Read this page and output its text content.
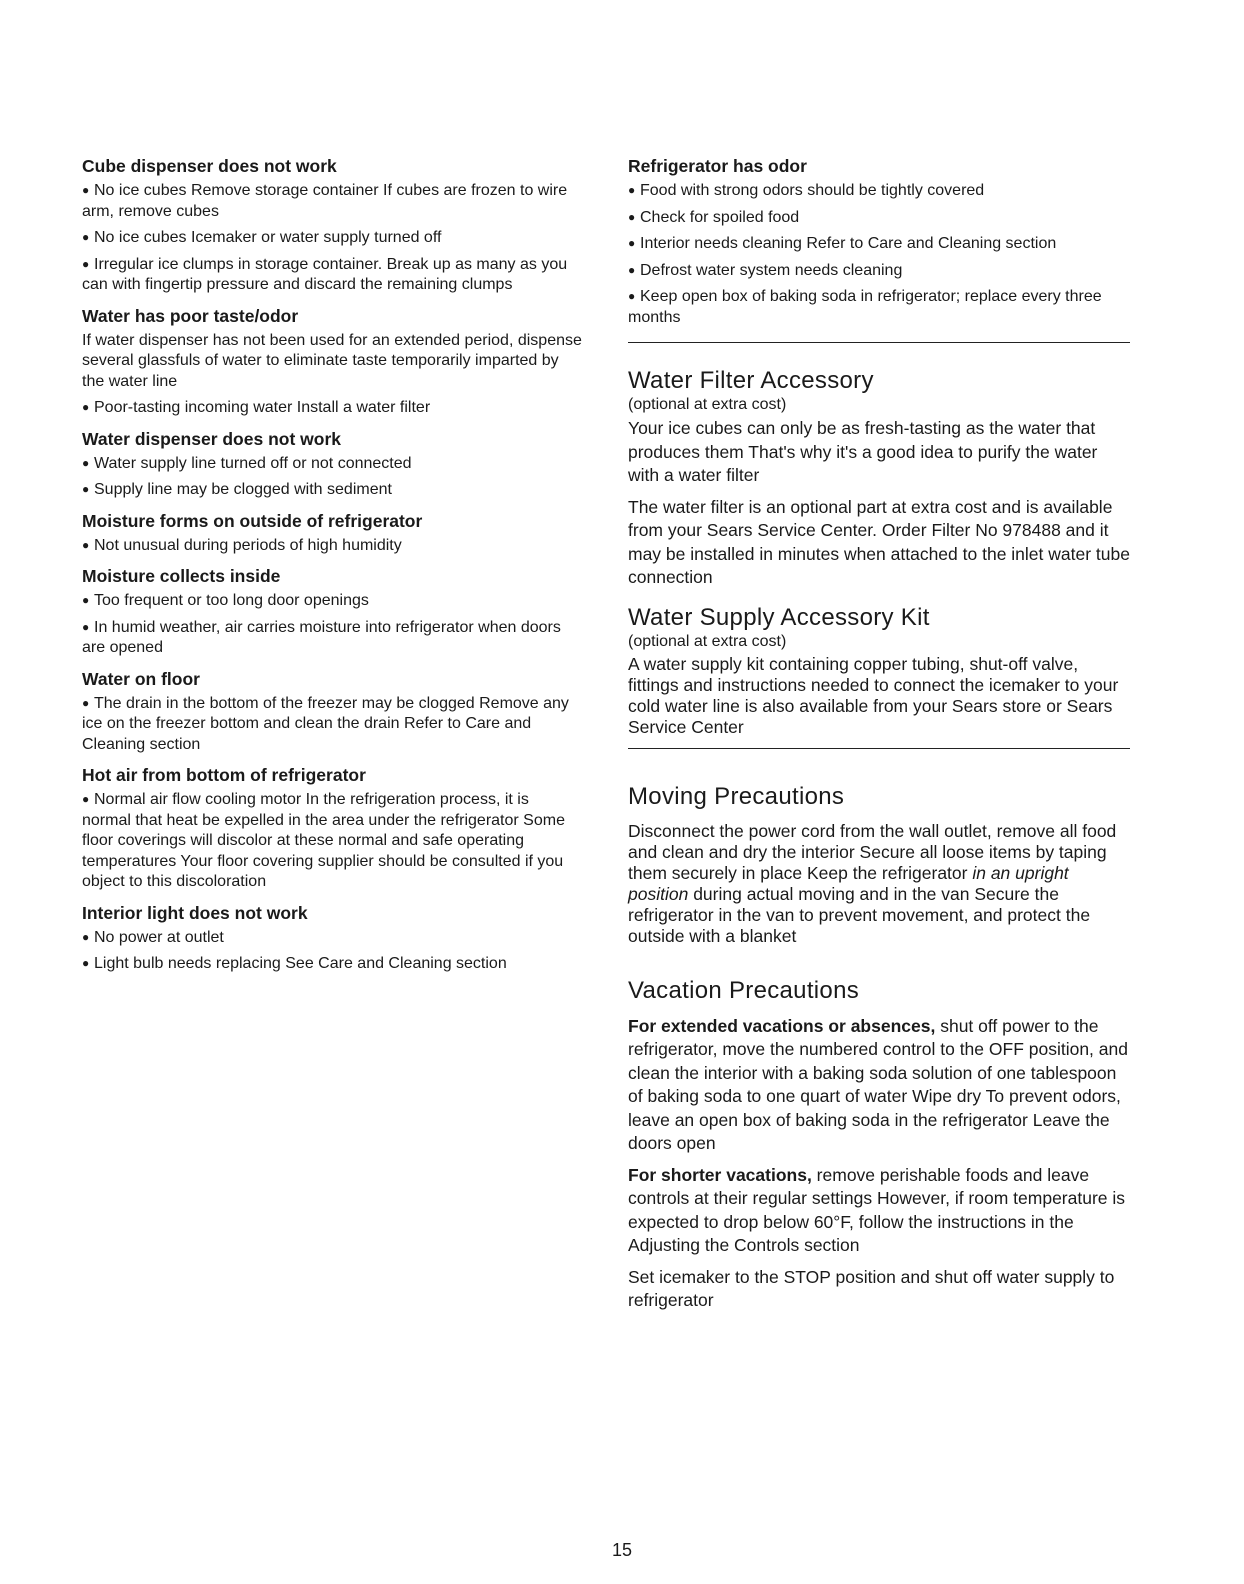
Cube dispenser does not work
● No ice cubes Remove storage container If cubes are frozen to wire arm, remove cubes
● No ice cubes Icemaker or water supply turned off
● Irregular ice clumps in storage container. Break up as many as you can with fingertip pressure and discard the remaining clumps
Water has poor taste/odor
If water dispenser has not been used for an extended period, dispense several glassfuls of water to eliminate taste temporarily imparted by the water line
● Poor-tasting incoming water Install a water filter
Water dispenser does not work
● Water supply line turned off or not connected
● Supply line may be clogged with sediment
Moisture forms on outside of refrigerator
● Not unusual during periods of high humidity
Moisture collects inside
● Too frequent or too long door openings
● In humid weather, air carries moisture into refrigerator when doors are opened
Water on floor
● The drain in the bottom of the freezer may be clogged Remove any ice on the freezer bottom and clean the drain Refer to Care and Cleaning section
Hot air from bottom of refrigerator
● Normal air flow cooling motor In the refrigeration process, it is normal that heat be expelled in the area under the refrigerator Some floor coverings will discolor at these normal and safe operating temperatures Your floor covering supplier should be consulted if you object to this discoloration
Interior light does not work
● No power at outlet
● Light bulb needs replacing See Care and Cleaning section
Refrigerator has odor
● Food with strong odors should be tightly covered
● Check for spoiled food
● Interior needs cleaning Refer to Care and Cleaning section
● Defrost water system needs cleaning
● Keep open box of baking soda in refrigerator; replace every three months
Water Filter Accessory
(optional at extra cost)
Your ice cubes can only be as fresh-tasting as the water that produces them That's why it's a good idea to purify the water with a water filter
The water filter is an optional part at extra cost and is available from your Sears Service Center. Order Filter No 978488 and it may be installed in minutes when attached to the inlet water tube connection
Water Supply Accessory Kit
(optional at extra cost)
A water supply kit containing copper tubing, shut-off valve, fittings and instructions needed to connect the icemaker to your cold water line is also available from your Sears store or Sears Service Center
Moving Precautions
Disconnect the power cord from the wall outlet, remove all food and clean and dry the interior Secure all loose items by taping them securely in place Keep the refrigerator in an upright position during actual moving and in the van Secure the refrigerator in the van to prevent movement, and protect the outside with a blanket
Vacation Precautions
For extended vacations or absences, shut off power to the refrigerator, move the numbered control to the OFF position, and clean the interior with a baking soda solution of one tablespoon of baking soda to one quart of water Wipe dry To prevent odors, leave an open box of baking soda in the refrigerator Leave the doors open
For shorter vacations, remove perishable foods and leave controls at their regular settings However, if room temperature is expected to drop below 60°F, follow the instructions in the Adjusting the Controls section
Set icemaker to the STOP position and shut off water supply to refrigerator
15
